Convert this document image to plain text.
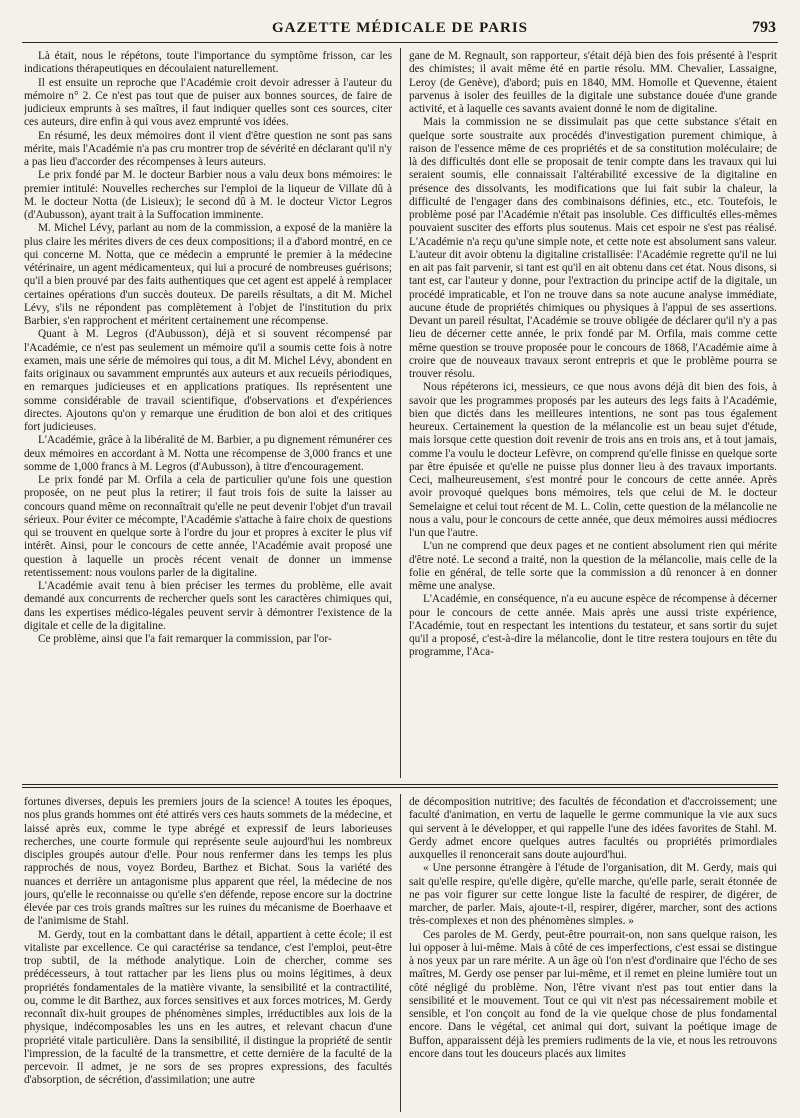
GAZETTE MÉDICALE DE PARIS	793

Là était, nous le répétons, toute l'importance du symptôme frisson, car les indications thérapeutiques en découlaient naturellement.

Il est ensuite un reproche que l'Académie croit devoir adresser à l'auteur du mémoire n° 2. Ce n'est pas tout que de puiser aux bonnes sources, de faire de judicieux emprunts à ses maîtres, il faut indiquer quelles sont ces sources, citer ces auteurs, dire enfin à qui vous avez emprunté vos idées.

En résumé, les deux mémoires dont il vient d'être question ne sont pas sans mérite, mais l'Académie n'a pas cru montrer trop de sévérité en déclarant qu'il n'y a pas lieu d'accorder des récompenses à leurs auteurs.

Le prix fondé par M. le docteur Barbier nous a valu deux bons mémoires: le premier intitulé: Nouvelles recherches sur l'emploi de la liqueur de Villate dû à M. le docteur Notta (de Lisieux); le second dû à M. le docteur Victor Legros (d'Aubusson), ayant trait à la Suffocation imminente.

M. Michel Lévy, parlant au nom de la commission, a exposé de la manière la plus claire les mérites divers de ces deux compositions; il a d'abord montré, en ce qui concerne M. Notta, que ce médecin a emprunté le premier à la médecine vétérinaire, un agent médicamenteux, qui lui a procuré de nombreuses guérisons; qu'il a bien prouvé par des faits authentiques que cet agent est appelé à remplacer certaines opérations d'un succès douteux. De pareils résultats, a dit M. Michel Lévy, s'ils ne répondent pas complètement à l'objet de l'institution du prix Barbier, s'en rapprochent et méritent certainement une récompense.

Quant à M. Legros (d'Aubusson), déjà et si souvent récompensé par l'Académie, ce n'est pas seulement un mémoire qu'il a soumis cette fois à notre examen, mais une série de mémoires qui tous, a dit M. Michel Lévy, abondent en faits originaux ou savamment empruntés aux auteurs et aux recueils périodiques, en remarques judicieuses et en applications pratiques. Ils représentent une somme considérable de travail scientifique, d'observations et d'expériences directes. Ajoutons qu'on y remarque une érudition de bon aloi et des critiques fort judicieuses.

L'Académie, grâce à la libéralité de M. Barbier, a pu dignement rémunérer ces deux mémoires en accordant à M. Notta une récompense de 3,000 francs et une somme de 1,000 francs à M. Legros (d'Aubusson), à titre d'encouragement.

Le prix fondé par M. Orfila a cela de particulier qu'une fois une question proposée, on ne peut plus la retirer; il faut trois fois de suite la laisser au concours quand même on reconnaîtrait qu'elle ne peut devenir l'objet d'un travail sérieux. Pour éviter ce mécompte, l'Académie s'attache à faire choix de questions qui se trouvent en quelque sorte à l'ordre du jour et propres à exciter le plus vif intérêt. Ainsi, pour le concours de cette année, l'Académie avait proposé une question à laquelle un procès récent venait de donner un immense retentissement: nous voulons parler de la digitaline.

L'Académie avait tenu à bien préciser les termes du problème, elle avait demandé aux concurrents de rechercher quels sont les caractères chimiques qui, dans les expertises médico-légales peuvent servir à démontrer l'existence de la digitale et celle de la digitaline.

Ce problème, ainsi que l'a fait remarquer la commission, par l'or-

gane de M. Regnault, son rapporteur, s'était déjà bien des fois présenté à l'esprit des chimistes; il avait même été en partie résolu. MM. Chevalier, Lassaigne, Leroy (de Genève), d'abord; puis en 1840, MM. Homolle et Quevenne, étaient parvenus à isoler des feuilles de la digitale une substance douée d'une grande activité, et à laquelle ces savants avaient donné le nom de digitaline.

Mais la commission ne se dissimulait pas que cette substance s'était en quelque sorte soustraite aux procédés d'investigation purement chimique, à raison de l'essence même de ces propriétés et de sa constitution moléculaire; de là des difficultés dont elle se proposait de tenir compte dans les travaux qui lui seraient soumis, elle connaissait l'altérabilité excessive de la digitaline en présence des dissolvants, les modifications que lui fait subir la chaleur, la difficulté de l'engager dans des combinaisons définies, etc., etc. Toutefois, le problème posé par l'Académie n'était pas insoluble. Ces difficultés elles-mêmes pouvaient susciter des efforts plus soutenus. Mais cet espoir ne s'est pas réalisé. L'Académie n'a reçu qu'une simple note, et cette note est absolument sans valeur. L'auteur dit avoir obtenu la digitaline cristallisée: l'Académie regrette qu'il ne lui en ait pas fait parvenir, si tant est qu'il en ait obtenu dans cet état. Nous disons, si tant est, car l'auteur y donne, pour l'extraction du principe actif de la digitale, un procédé impraticable, et l'on ne trouve dans sa note aucune analyse immédiate, aucune étude de propriétés chimiques ou physiques à l'appui de ses assertions. Devant un pareil résultat, l'Académie se trouve obligée de déclarer qu'il n'y a pas lieu de décerner cette année, le prix fondé par M. Orfila, mais comme cette même question se trouve proposée pour le concours de 1868, l'Académie aime à croire que de nouveaux travaux seront entrepris et que le problème pourra se trouver résolu.

Nous répéterons ici, messieurs, ce que nous avons déjà dit bien des fois, à savoir que les programmes proposés par les auteurs des legs faits à l'Académie, bien que dictés dans les meilleures intentions, ne sont pas tous également heureux. Certainement la question de la mélancolie est un beau sujet d'étude, mais lorsque cette question doit revenir de trois ans en trois ans, et à tout jamais, comme l'a voulu le docteur Lefèvre, on comprend qu'elle finisse en quelque sorte par être épuisée et qu'elle ne puisse plus donner lieu à des travaux importants. Ceci, malheureusement, s'est montré pour le concours de cette année. Après avoir provoqué quelques bons mémoires, tels que celui de M. le docteur Semelaigne et celui tout récent de M. L. Colin, cette question de la mélancolie ne nous a valu, pour le concours de cette année, que deux mémoires aussi médiocres l'un que l'autre.

L'un ne comprend que deux pages et ne contient absolument rien qui mérite d'être noté. Le second a traité, non la question de la mélancolie, mais celle de la folie en général, de telle sorte que la commission a dû renoncer à en donner même une analyse.

L'Académie, en conséquence, n'a eu aucune espèce de récompense à décerner pour le concours de cette année. Mais après une aussi triste expérience, l'Académie, tout en respectant les intentions du testateur, et sans sortir du sujet qu'il a proposé, c'est-à-dire la mélancolie, dont le titre restera toujours en tête du programme, l'Aca-

fortunes diverses, depuis les premiers jours de la science! A toutes les époques, nos plus grands hommes ont été attirés vers ces hauts sommets de la médecine, et laissé après eux, comme le type abrégé et expressif de leurs laborieuses recherches, une courte formule qui représente seule aujourd'hui les nombreux disciples groupés autour d'elle. Pour nous renfermer dans les temps les plus rapprochés de nous, voyez Bordeu, Barthez et Bichat. Sous la variété des nuances et derrière un antagonisme plus apparent que réel, la médecine de nos jours, qu'elle le reconnaisse ou qu'elle s'en défende, repose encore sur la doctrine élevée par ces trois grands maîtres sur les ruines du mécanisme de Boerhaave et de l'animisme de Stahl.

M. Gerdy, tout en la combattant dans le détail, appartient à cette école; il est vitaliste par excellence. Ce qui caractérise sa tendance, c'est l'emploi, peut-être trop subtil, de la méthode analytique. Loin de chercher, comme ses prédécesseurs, à tout rattacher par les liens plus ou moins légitimes, à deux propriétés fondamentales de la matière vivante, la sensibilité et la contractilité, ou, comme le dit Barthez, aux forces sensitives et aux forces motrices, M. Gerdy reconnaît dix-huit groupes de phénomènes simples, irréductibles aux lois de la physique, indécomposables les uns en les autres, et relevant chacun d'une propriété vitale particulière. Dans la sensibilité, il distingue la propriété de sentir l'impression, de la faculté de la transmettre, et cette dernière de la faculté de la percevoir. Il admet, je ne sors de ses propres expressions, des facultés d'absorption, de sécrétion, d'assimilation; une autre

de décomposition nutritive; des facultés de fécondation et d'accroissement; une faculté d'animation, en vertu de laquelle le germe communique la vie aux sucs qui servent à le développer, et qui rappelle l'une des idées favorites de Stahl. M. Gerdy admet encore quelques autres facultés ou propriétés primordiales auxquelles il renoncerait sans doute aujourd'hui.

« Une personne étrangère à l'étude de l'organisation, dit M. Gerdy, mais qui sait qu'elle respire, qu'elle digère, qu'elle marche, qu'elle parle, serait étonnée de ne pas voir figurer sur cette longue liste la faculté de respirer, de digérer, de marcher, de parler. Mais, ajoute-t-il, respirer, digérer, marcher, sont des actions très-complexes et non des phénomènes simples. »

Ces paroles de M. Gerdy, peut-être pourrait-on, non sans quelque raison, les lui opposer à lui-même. Mais à côté de ces imperfections, c'est essai se distingue à nos yeux par un rare mérite. A un âge où l'on n'est d'ordinaire que l'écho de ses maîtres, M. Gerdy ose penser par lui-même, et il remet en pleine lumière tout un côté négligé du problème. Non, l'être vivant n'est pas tout entier dans la sensibilité et le mouvement. Tout ce qui vit n'est pas nécessairement mobile et sensible, et l'on conçoit au fond de la vie quelque chose de plus fondamental encore. Dans le végétal, cet animal qui dort, suivant la poétique image de Buffon, apparaissent déjà les premiers rudiments de la vie, et nous les retrouvons encore dans tout les douceurs placés aux limites
